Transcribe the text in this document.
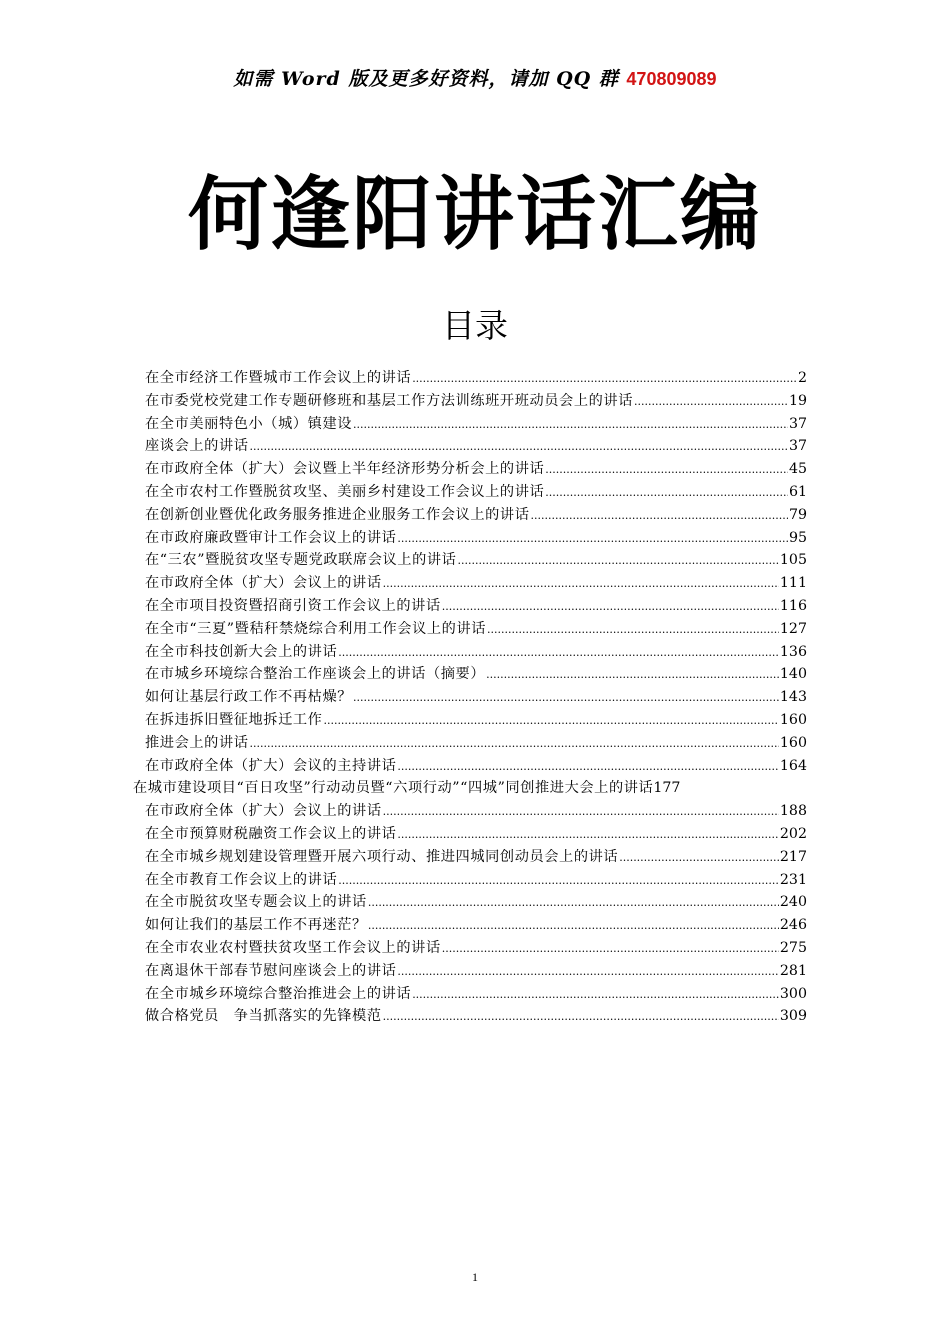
如需 Word 版及更多好资料，请加 QQ 群 470809089
何逢阳讲话汇编
目录
在全市经济工作暨城市工作会议上的讲话 .....	2
在市委党校党建工作专题研修班和基层工作方法训练班开班动员会上的讲话 .....	19
在全市美丽特色小（城）镇建设 .....	37
座谈会上的讲话 .....	37
在市政府全体（扩大）会议暨上半年经济形势分析会上的讲话 .....	45
在全市农村工作暨脱贫攻坚、美丽乡村建设工作会议上的讲话 .....	61
在创新创业暨优化政务服务推进企业服务工作会议上的讲话 .....	79
在市政府廉政暨审计工作会议上的讲话 .....	95
在“三农”暨脱贫攻坚专题党政联席会议上的讲话 .....	105
在市政府全体（扩大）会议上的讲话 .....	111
在全市项目投资暨招商引资工作会议上的讲话 .....	116
在全市“三夏”暨秸秆禁烧综合利用工作会议上的讲话 .....	127
在全市科技创新大会上的讲话 .....	136
在市城乡环境综合整治工作座谈会上的讲话（摘要） .....	140
如何让基层行政工作不再枯燥？ .....	143
在拆违拆旧暨征地拆迁工作 .....	160
推进会上的讲话 .....	160
在市政府全体（扩大）会议的主持讲话 .....	164
在城市建设项目“百日攻坚”行动动员暨“六项行动”“四城”同创推进大会上的讲话 177
在市政府全体（扩大）会议上的讲话 .....	188
在全市预算财税融资工作会议上的讲话 .....	202
在全市城乡规划建设管理暨开展六项行动、推进四城同创动员会上的讲话 .....	217
在全市教育工作会议上的讲话 .....	231
在全市脱贫攻坚专题会议上的讲话 .....	240
如何让我们的基层工作不再迷茫？ .....	246
在全市农业农村暨扶贫攻坚工作会议上的讲话 .....	275
在离退休干部春节慰问座谈会上的讲话 .....	281
在全市城乡环境综合整治推进会上的讲话 .....	300
做合格党员　争当抓落实的先锋模范 .....	309
1
